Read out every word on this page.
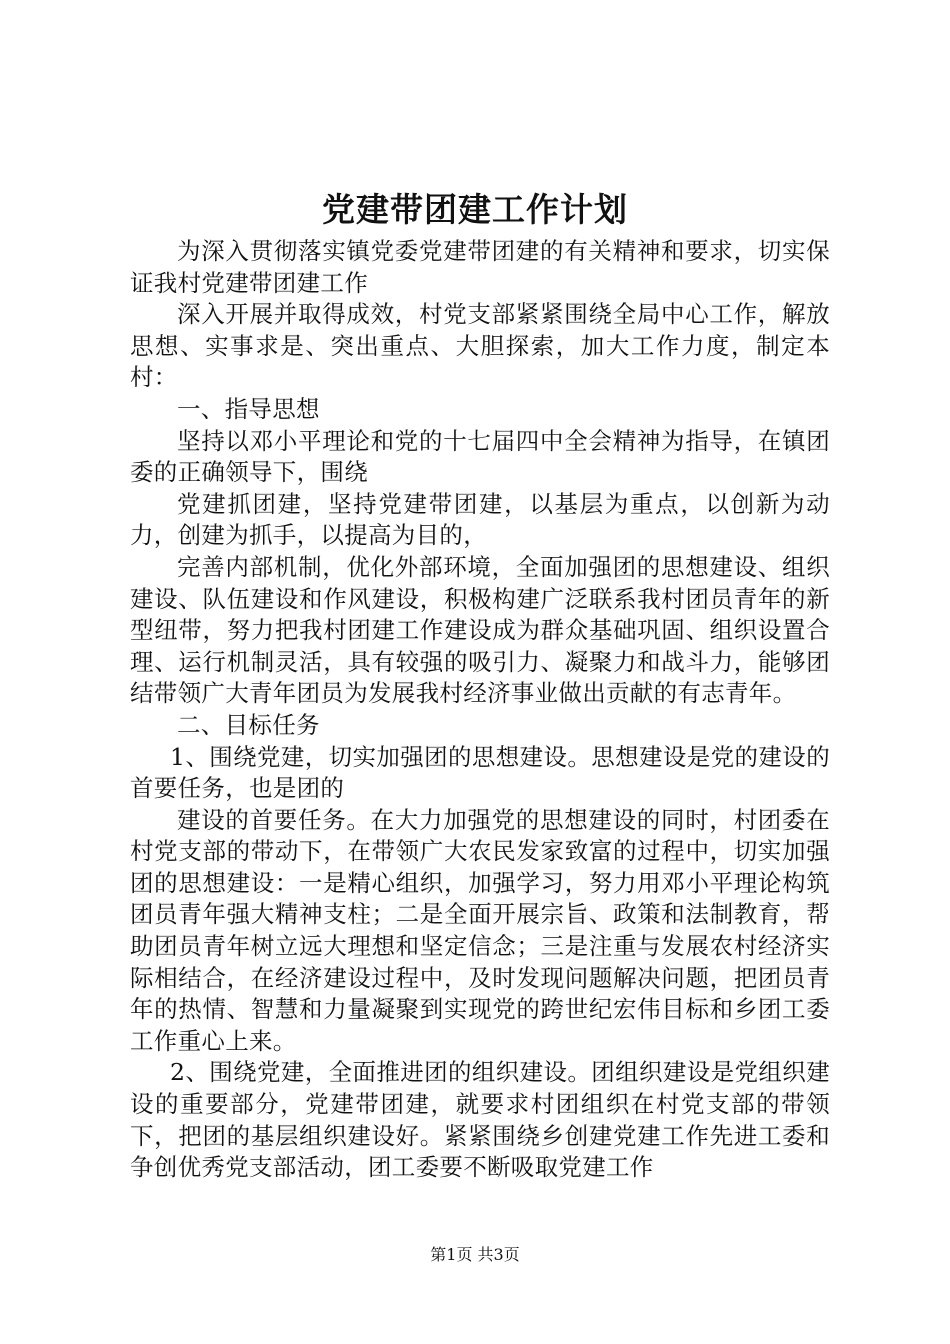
党建带团建工作计划

为深入贯彻落实镇党委党建带团建的有关精神和要求，切实保证我村党建带团建工作

深入开展并取得成效，村党支部紧紧围绕全局中心工作，解放思想、实事求是、突出重点、大胆探索，加大工作力度，制定本村：

一、指导思想

坚持以邓小平理论和党的十七届四中全会精神为指导，在镇团委的正确领导下，围绕

党建抓团建，坚持党建带团建，以基层为重点，以创新为动力，创建为抓手，以提高为目的，

完善内部机制，优化外部环境，全面加强团的思想建设、组织建设、队伍建设和作风建设，积极构建广泛联系我村团员青年的新型纽带，努力把我村团建工作建设成为群众基础巩固、组织设置合理、运行机制灵活，具有较强的吸引力、凝聚力和战斗力，能够团结带领广大青年团员为发展我村经济事业做出贡献的有志青年。

二、目标任务

1、围绕党建，切实加强团的思想建设。思想建设是党的建设的首要任务，也是团的

建设的首要任务。在大力加强党的思想建设的同时，村团委在村党支部的带动下，在带领广大农民发家致富的过程中，切实加强团的思想建设：一是精心组织，加强学习，努力用邓小平理论构筑团员青年强大精神支柱；二是全面开展宗旨、政策和法制教育，帮助团员青年树立远大理想和坚定信念；三是注重与发展农村经济实际相结合，在经济建设过程中，及时发现问题解决问题，把团员青年的热情、智慧和力量凝聚到实现党的跨世纪宏伟目标和乡团工委工作重心上来。

2、围绕党建，全面推进团的组织建设。团组织建设是党组织建设的重要部分，党建带团建，就要求村团组织在村党支部的带领下，把团的基层组织建设好。紧紧围绕乡创建党建工作先进工委和争创优秀党支部活动，团工委要不断吸取党建工作

第1页 共3页
